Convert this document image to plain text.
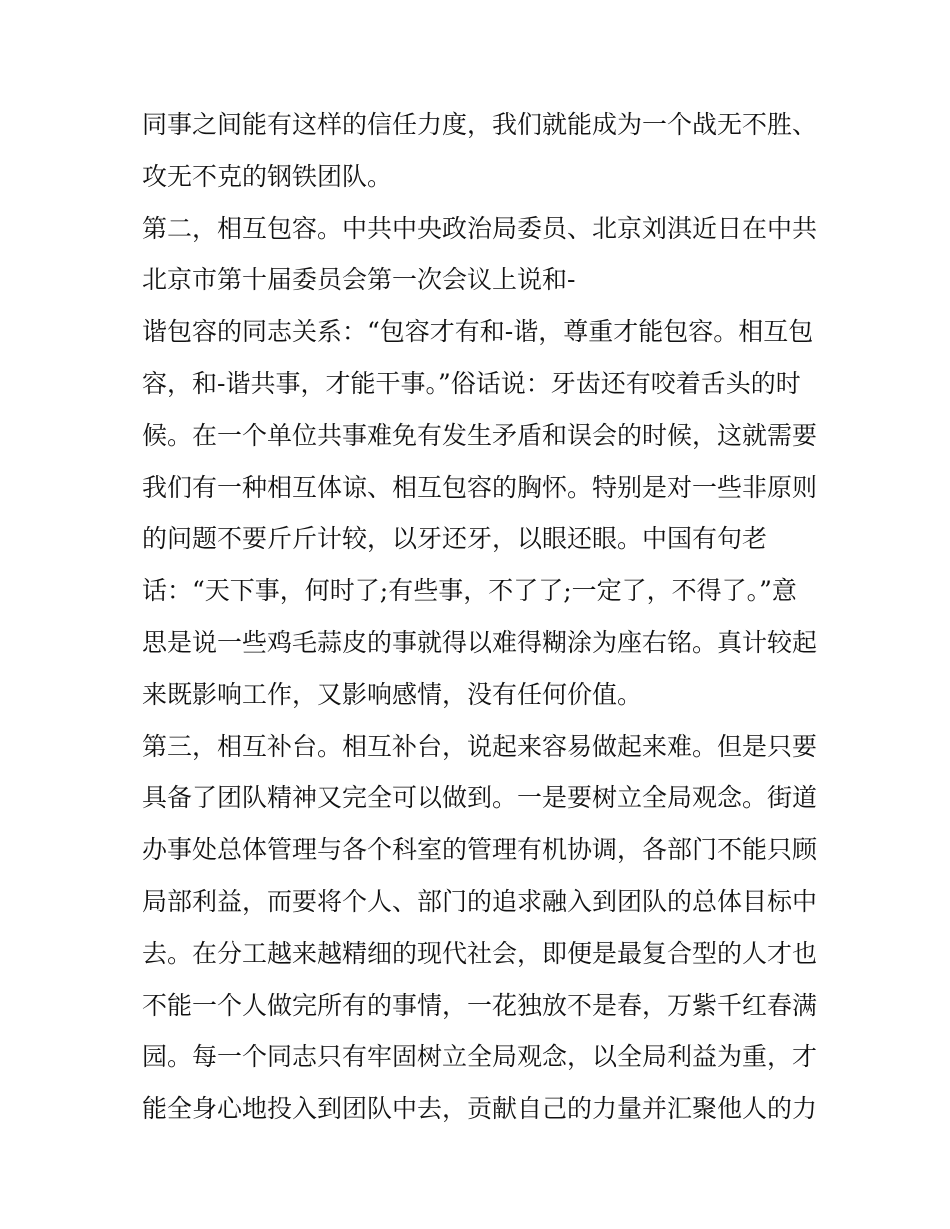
同事之间能有这样的信任力度，我们就能成为一个战无不胜、
攻无不克的钢铁团队。
第二，相互包容。中共中央政治局委员、北京刘淇近日在中共
北京市第十届委员会第一次会议上说和-
谐包容的同志关系：“包容才有和-谐，尊重才能包容。相互包
容，和-谐共事，才能干事。”俗话说：牙齿还有咬着舌头的时
候。在一个单位共事难免有发生矛盾和误会的时候，这就需要
我们有一种相互体谅、相互包容的胸怀。特别是对一些非原则
的问题不要斤斤计较，以牙还牙，以眼还眼。中国有句老
话：“天下事，何时了;有些事，不了了;一定了，不得了。”意
思是说一些鸡毛蒜皮的事就得以难得糊涂为座右铭。真计较起
来既影响工作，又影响感情，没有任何价值。
第三，相互补台。相互补台，说起来容易做起来难。但是只要
具备了团队精神又完全可以做到。一是要树立全局观念。街道
办事处总体管理与各个科室的管理有机协调，各部门不能只顾
局部利益，而要将个人、部门的追求融入到团队的总体目标中
去。在分工越来越精细的现代社会，即便是最复合型的人才也
不能一个人做完所有的事情，一花独放不是春，万紫千红春满
园。每一个同志只有牢固树立全局观念，以全局利益为重，才
能全身心地投入到团队中去，贡献自己的力量并汇聚他人的力
